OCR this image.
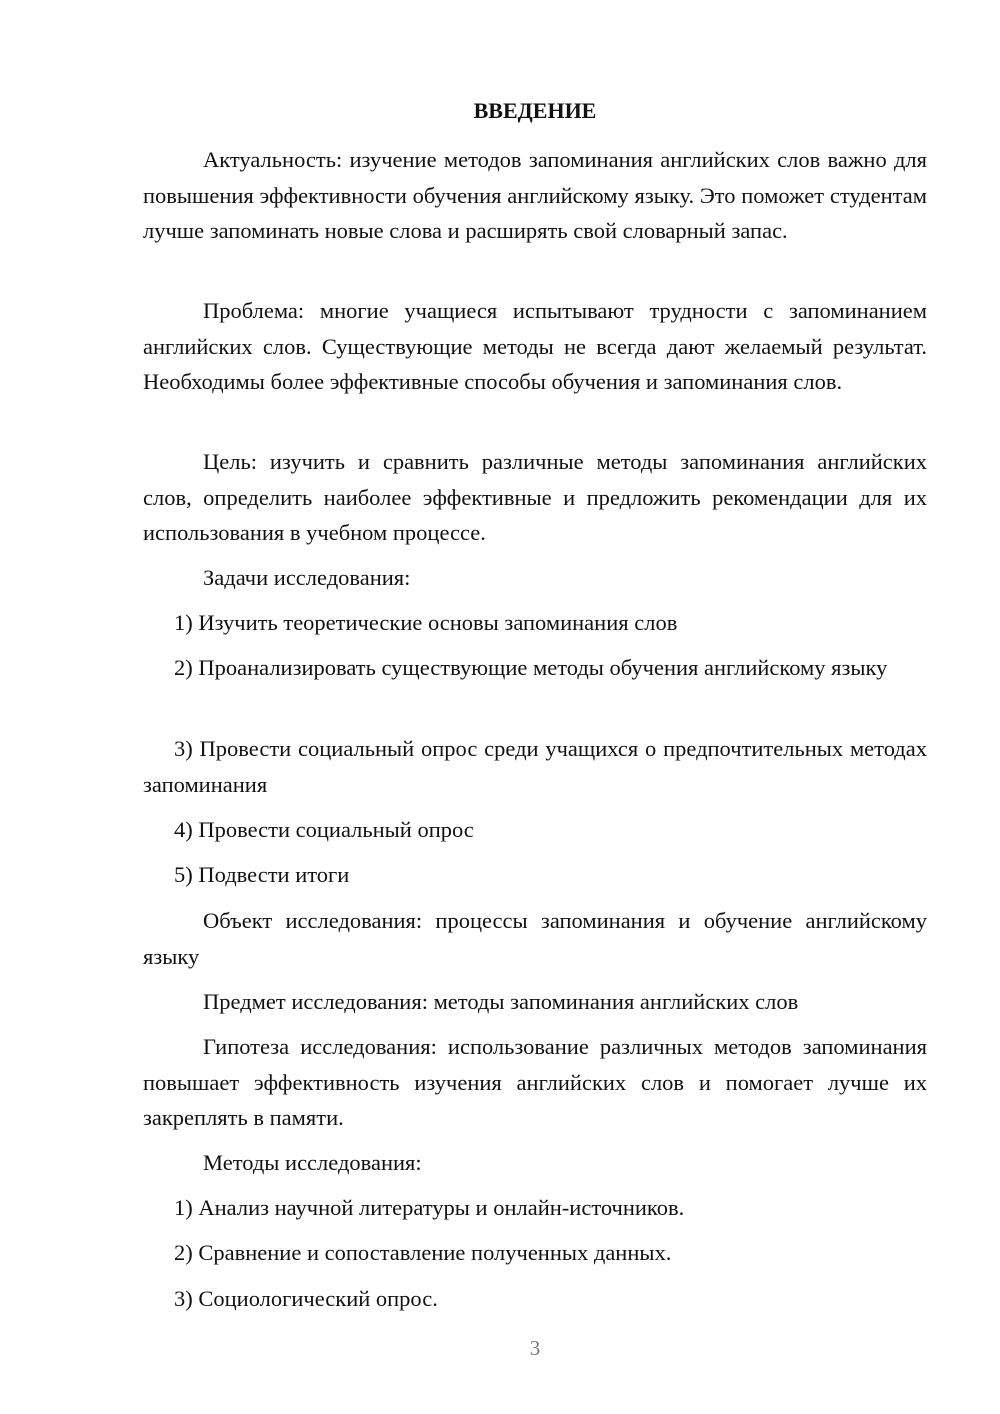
ВВЕДЕНИЕ

Актуальность: изучение методов запоминания английских слов важно для повышения эффективности обучения английскому языку. Это поможет студентам лучше запоминать новые слова и расширять свой словарный запас.

Проблема: многие учащиеся испытывают трудности с запоминанием английских слов. Существующие методы не всегда дают желаемый результат. Необходимы более эффективные способы обучения и запоминания слов.

Цель: изучить и сравнить различные методы запоминания английских слов, определить наиболее эффективные и предложить рекомендации для их использования в учебном процессе.

Задачи исследования:

1) Изучить теоретические основы запоминания слов

2) Проанализировать существующие методы обучения английскому языку

3) Провести социальный опрос среди учащихся о предпочтительных методах запоминания

4) Провести социальный опрос

5) Подвести итоги

Объект исследования: процессы запоминания и обучение английскому языку

Предмет исследования: методы запоминания английских слов

Гипотеза исследования: использование различных методов запоминания повышает эффективность изучения английских слов и помогает лучше их закреплять в памяти.

Методы исследования:

1) Анализ научной литературы и онлайн-источников.

2) Сравнение и сопоставление полученных данных.

3) Социологический опрос.

3
